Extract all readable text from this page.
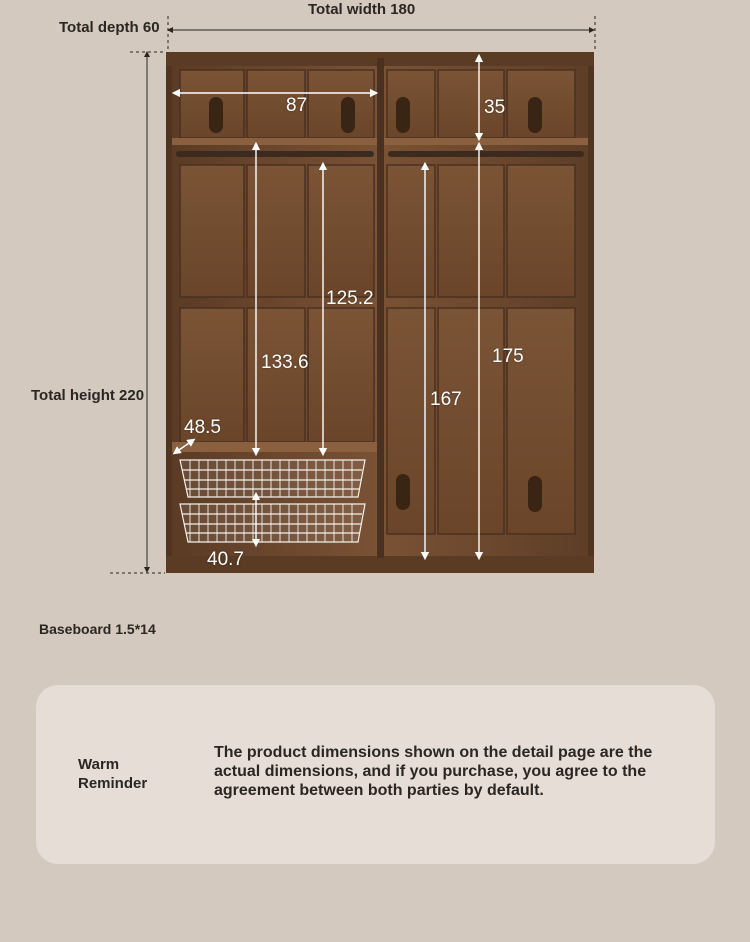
Total width 180
Total depth 60
Total height 220
Baseboard 1.5*14
87	35
125.2
133.6	175
167
48.5
40.7
Warm Reminder
The product dimensions shown on the detail page are the actual dimensions, and if you purchase, you agree to the agreement between both parties by default.
